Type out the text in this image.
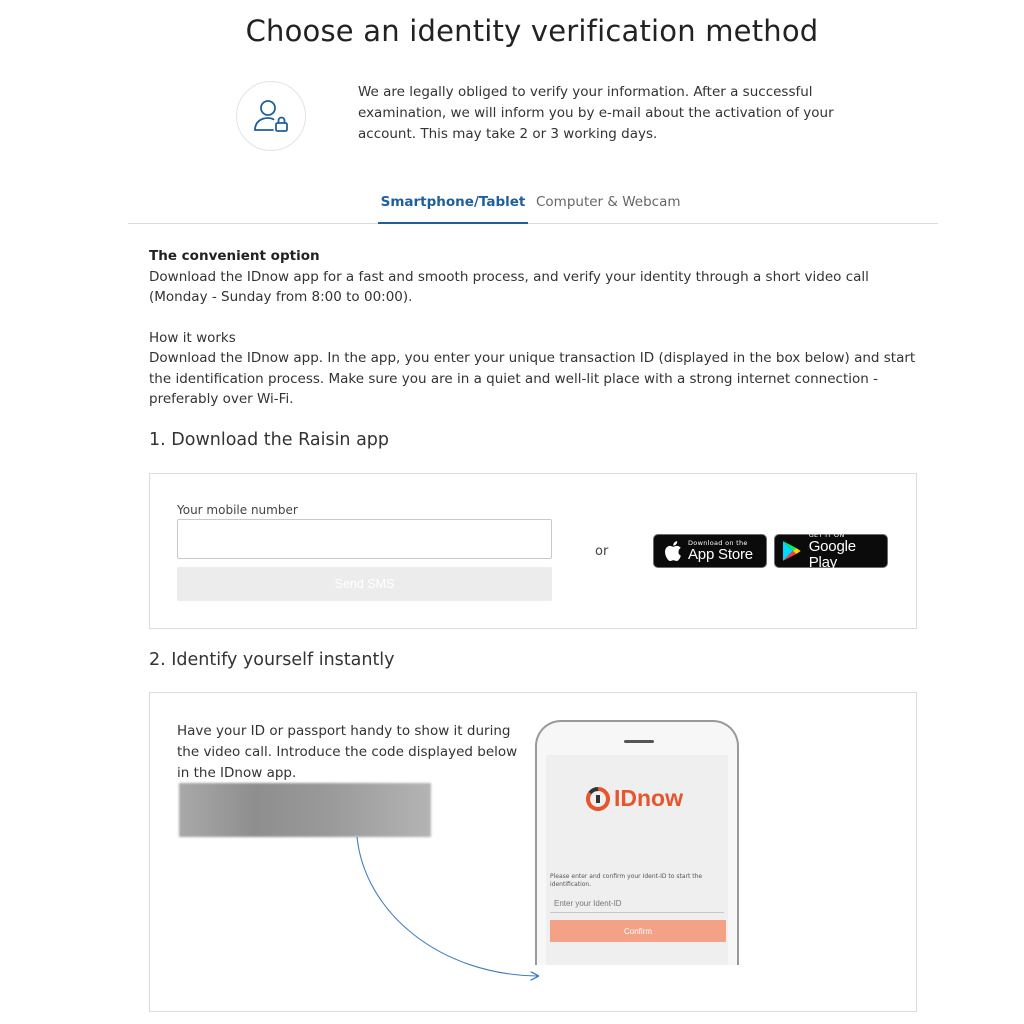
Choose an identity verification method
We are legally obliged to verify your information. After a successful examination, we will inform you by e-mail about the activation of your account. This may take 2 or 3 working days.
Smartphone/Tablet Computer & Webcam

The convenient option

Download the IDnow app for a fast and smooth process, and verify your identity through a short video call (Monday - Sunday from 8:00 to 00:00).

How it works

Download the IDnow app. In the app, you enter your unique transaction ID (displayed in the box below) and start the identification process. Make sure you are in a quiet and well-lit place with a strong internet connection - preferably over Wi-Fi.

1. Download the Raisin app
Your mobile number
Send SMS
or
Download on the
App Store
GET IT ON
Google Play
2. Identify yourself instantly

Have your ID or passport handy to show it during the video call. Introduce the code displayed below in the IDnow app.

IDnow
Please enter and confirm your Ident-ID to start the identification.
Enter your Ident-ID
Confirm
